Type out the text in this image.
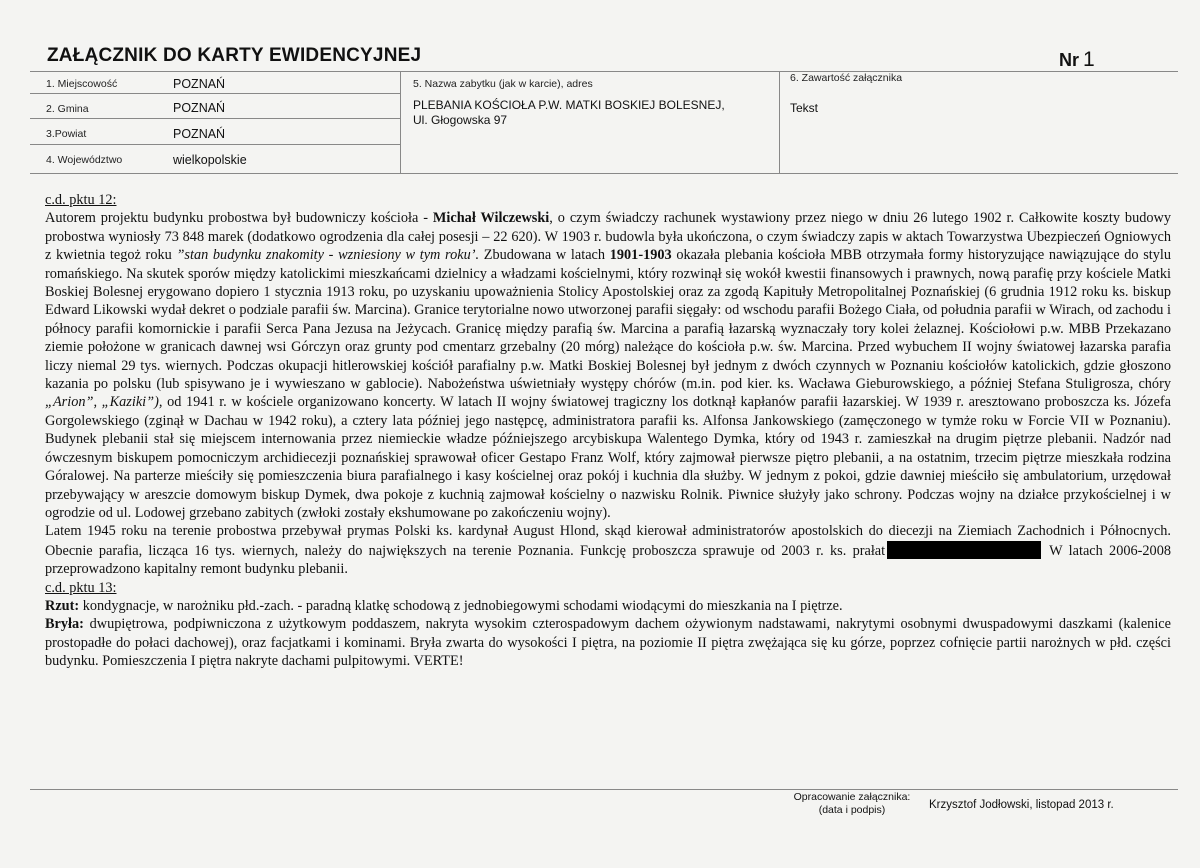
ZAŁĄCZNIK DO KARTY EWIDENCYJNEJ	Nr 1
1. Miejscowość	POZNAŃ
2. Gmina	POZNAŃ
3.Powiat	POZNAŃ
4. Województwo	wielkopolskie
5. Nazwa zabytku (jak w karcie), adres
PLEBANIA KOŚCIOŁA P.W. MATKI BOSKIEJ BOLESNEJ,
Ul. Głogowska 97
6. Zawartość załącznika
Tekst

c.d. pktu 12:

Autorem projektu budynku probostwa był budowniczy kościoła - Michał Wilczewski, o czym świadczy rachunek wystawiony przez niego w dniu 26 lutego 1902 r. Całkowite koszty budowy probostwa wyniosły 73 848 marek (dodatkowo ogrodzenia dla całej posesji – 22 620). W 1903 r. budowla była ukończona, o czym świadczy zapis w aktach Towarzystwa Ubezpieczeń Ogniowych z kwietnia tegoż roku ”stan budynku znakomity - wzniesiony w tym roku’. Zbudowana w latach 1901-1903 okazała plebania kościoła MBB otrzymała formy historyzujące nawiązujące do stylu romańskiego. Na skutek sporów między katolickimi mieszkańcami dzielnicy a władzami kościelnymi, który rozwinął się wokół kwestii finansowych i prawnych, nową parafię przy kościele Matki Boskiej Bolesnej erygowano dopiero 1 stycznia 1913 roku, po uzyskaniu upoważnienia Stolicy Apostolskiej oraz za zgodą Kapituły Metropolitalnej Poznańskiej (6 grudnia 1912 roku ks. biskup Edward Likowski wydał dekret o podziale parafii św. Marcina). Granice terytorialne nowo utworzonej parafii sięgały: od wschodu parafii Bożego Ciała, od południa parafii w Wirach, od zachodu i północy parafii komornickie i parafii Serca Pana Jezusa na Jeżycach. Granicę między parafią św. Marcina a parafią łazarską wyznaczały tory kolei żelaznej. Kościołowi p.w. MBB Przekazano ziemie położone w granicach dawnej wsi Górczyn oraz grunty pod cmentarz grzebalny (20 mórg) należące do kościoła p.w. św. Marcina. Przed wybuchem II wojny światowej łazarska parafia liczy niemal 29 tys. wiernych. Podczas okupacji hitlerowskiej kościół parafialny p.w. Matki Boskiej Bolesnej był jednym z dwóch czynnych w Poznaniu kościołów katolickich, gdzie głoszono kazania po polsku (lub spisywano je i wywieszano w gablocie). Nabożeństwa uświetniały występy chórów (m.in. pod kier. ks. Wacława Gieburowskiego, a później Stefana Stuligrosza, chóry „Arion”, „Kaziki”), od 1941 r. w kościele organizowano koncerty. W latach II wojny światowej tragiczny los dotknął kapłanów parafii łazarskiej. W 1939 r. aresztowano proboszcza ks. Józefa Gorgolewskiego (zginął w Dachau w 1942 roku), a cztery lata później jego następcę, administratora parafii ks. Alfonsa Jankowskiego (zamęczonego w tymże roku w Forcie VII w Poznaniu). Budynek plebanii stał się miejscem internowania przez niemieckie władze późniejszego arcybiskupa Walentego Dymka, który od 1943 r. zamieszkał na drugim piętrze plebanii. Nadzór nad ówczesnym biskupem pomocniczym archidiecezji poznańskiej sprawował oficer Gestapo Franz Wolf, który zajmował pierwsze piętro plebanii, a na ostatnim, trzecim piętrze mieszkała rodzina Góralowej. Na parterze mieściły się pomieszczenia biura parafialnego i kasy kościelnej oraz pokój i kuchnia dla służby. W jednym z pokoi, gdzie dawniej mieściło się ambulatorium, urzędował przebywający w areszcie domowym biskup Dymek, dwa pokoje z kuchnią zajmował kościelny o nazwisku Rolnik. Piwnice służyły jako schrony. Podczas wojny na działce przykościelnej i w ogrodzie od ul. Lodowej grzebano zabitych (zwłoki zostały ekshumowane po zakończeniu wojny).

Latem 1945 roku na terenie probostwa przebywał prymas Polski ks. kardynał August Hlond, skąd kierował administratorów apostolskich do diecezji na Ziemiach Zachodnich i Północnych. Obecnie parafia, licząca 16 tys. wiernych, należy do największych na terenie Poznania. Funkcję proboszcza sprawuje od 2003 r. ks. prałat	W latach 2006-2008 przeprowadzono kapitalny remont budynku plebanii.

c.d. pktu 13:

Rzut: kondygnacje, w narożniku płd.-zach. - paradną klatkę schodową z jednobiegowymi schodami wiodącymi do mieszkania na I piętrze.

Bryła: dwupiętrowa, podpiwniczona z użytkowym poddaszem, nakryta wysokim czterospadowym dachem ożywionym nadstawami, nakrytymi osobnymi dwuspadowymi daszkami (kalenice prostopadłe do połaci dachowej), oraz facjatkami i kominami. Bryła zwarta do wysokości I piętra, na poziomie II piętra zwężająca się ku górze, poprzez cofnięcie partii narożnych w płd. części budynku. Pomieszczenia I piętra nakryte dachami pulpitowymi. VERTE!

Opracowanie załącznika:
(data i podpis)	Krzysztof Jodłowski, listopad 2013 r.
